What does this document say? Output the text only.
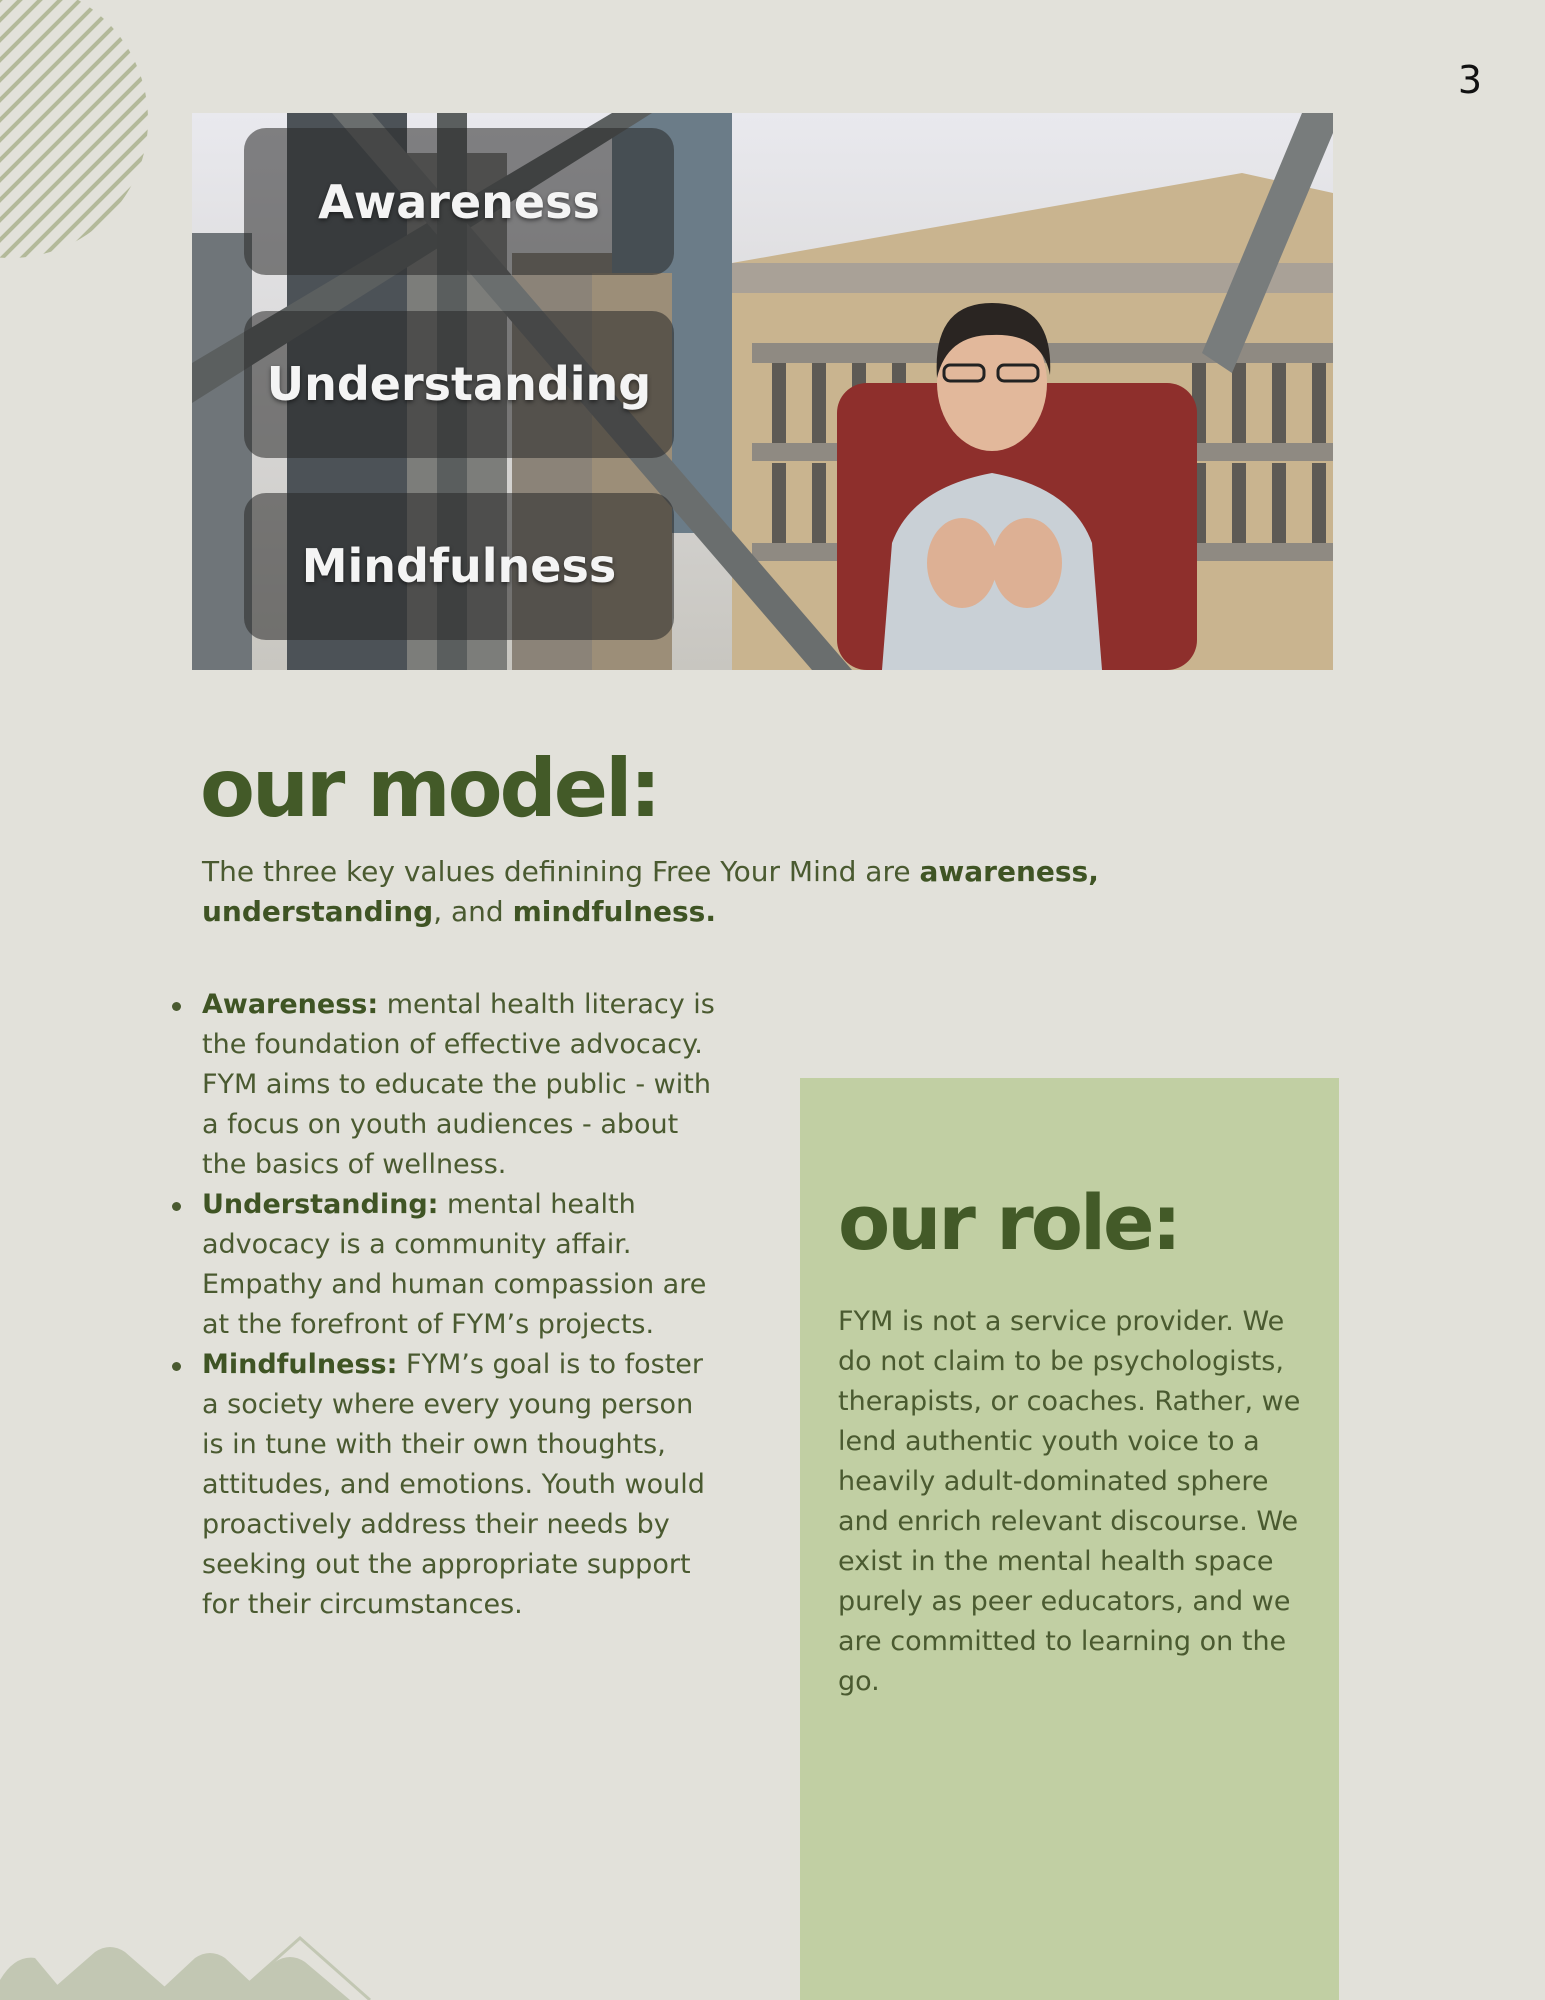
3
Awareness
Understanding
Mindfulness
our model:

The three key values definining Free Your Mind are awareness, understanding, and mindfulness.

Awareness: mental health literacy is the foundation of effective advocacy. FYM aims to educate the public - with a focus on youth audiences - about the basics of wellness.
Understanding: mental health advocacy is a community affair. Empathy and human compassion are at the forefront of FYM’s projects.
Mindfulness: FYM’s goal is to foster a society where every young person is in tune with their own thoughts, attitudes, and emotions. Youth would proactively address their needs by seeking out the appropriate support for their circumstances.
our role:

FYM is not a service provider. We do not claim to be psychologists, therapists, or coaches. Rather, we lend authentic youth voice to a heavily adult-dominated sphere and enrich relevant discourse. We exist in the mental health space purely as peer educators, and we are committed to learning on the go.
